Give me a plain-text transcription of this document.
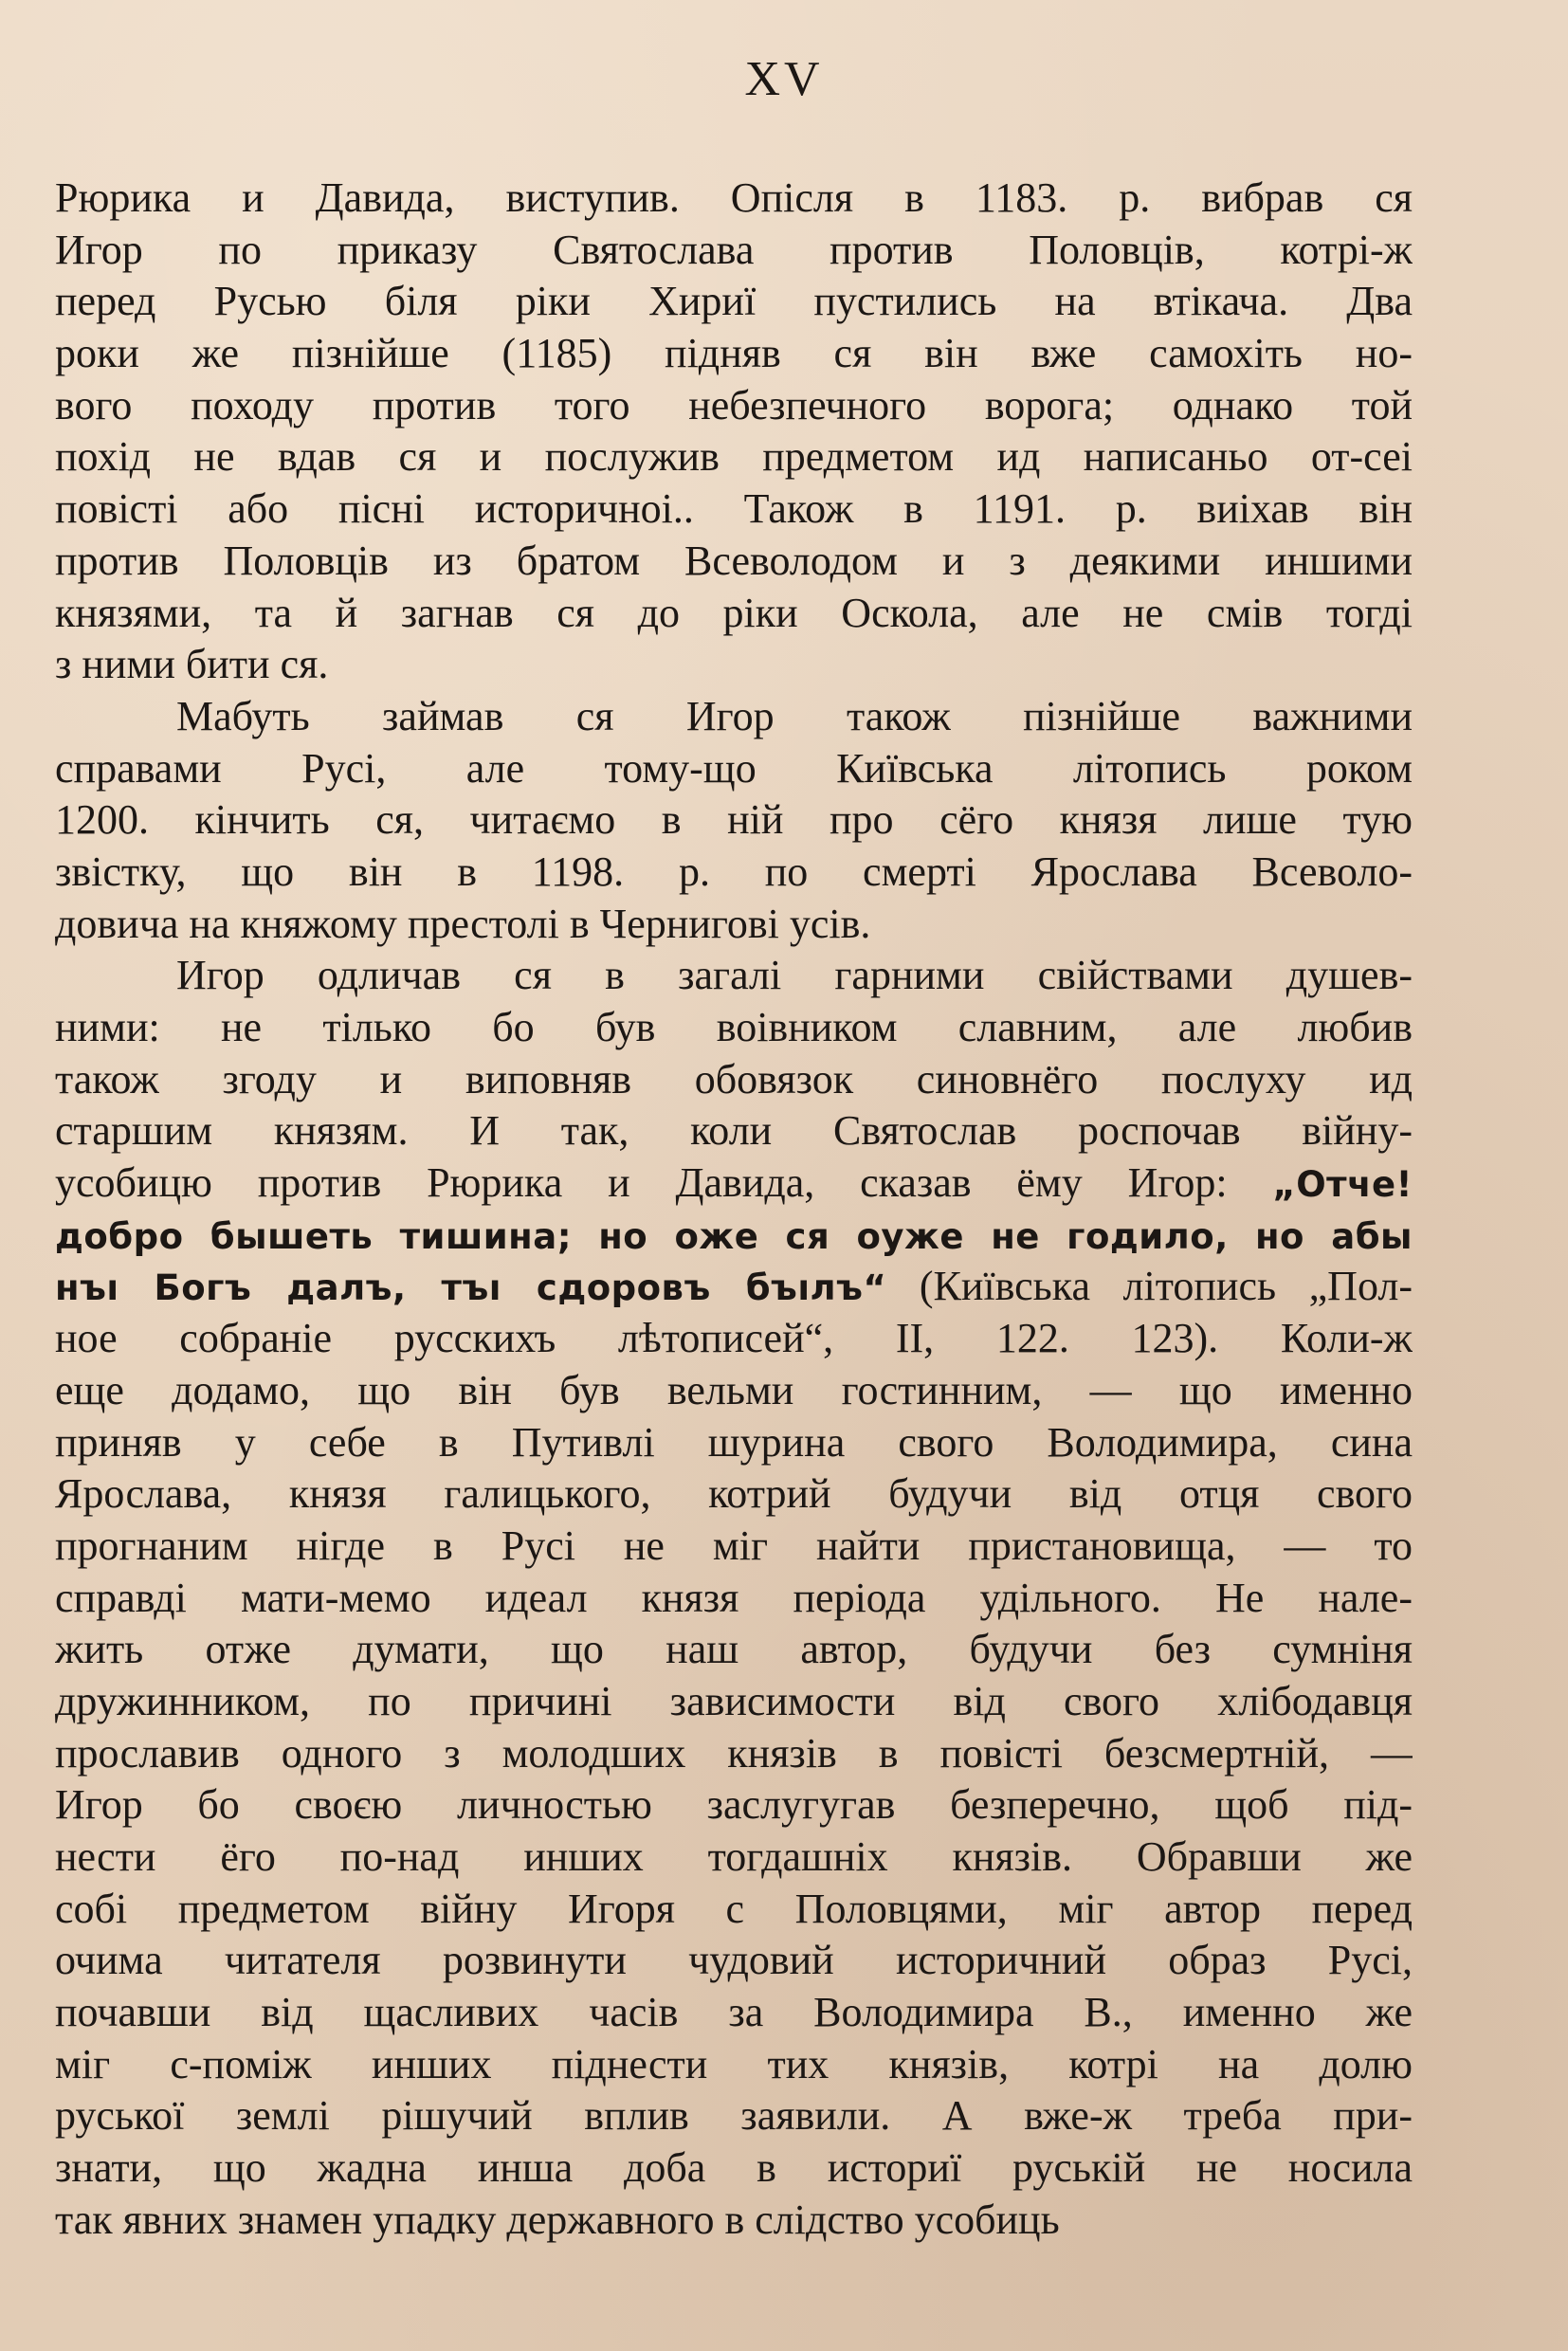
XV
Рюрика и Давида, виступив. Опісля в 1183. р. вибрав ся
Игор по приказу Святослава против Половців, котрі-ж
перед Русью біля ріки Хириї пустились на втікача. Два
роки же пізнійше (1185) підняв ся він вже самохіть но-
вого походу против того небезпечного ворога; однако той
похід не вдав ся и послужив предметом ид написаньо от-сеі
повісті або пісні историчноі.. Також в 1191. р. виіхав він
против Половців из братом Всеволодом и з деякими иншими
князями, та й загнав ся до ріки Оскола, але не смів тогді
з ними бити ся.
Мабуть займав ся Игор також пізнійше важними
справами Русі, але тому-що Київська літопись роком
1200. кінчить ся, читаємо в ній про сёго князя лише тую
звістку, що він в 1198. р. по смерті Ярослава Всеволо-
довича на княжому престолі в Чернигові усів.
Игор одличав ся в загалі гарними свійствами душев-
ними: не тілько бо був воівником славним, але любив
також згоду и виповняв обовязок синовнёго послуху ид
старшим князям. И так, коли Святослав роспочав війну-
усобицю против Рюрика и Давида, сказав ёму Игор: „Отче!
добро бышеть тишина; но оже ся оуже не годило, но абы
нъı Богъ далъ, тъı сдоровъ бъıлъ“ (Київська літопись „Пол-
ное собраніе русскихъ лѣтописей“, II, 122. 123). Коли-ж
еще додамо, що він був вельми гостинним, — що именно
приняв у себе в Путивлі шурина свого Володимира, сина
Ярослава, князя галицького, котрий будучи від отця свого
прогнаним нігде в Русі не міг найти пристановища, — то
справді мати-мемо идеал князя періода удільного. Не нале-
жить отже думати, що наш автор, будучи без сумніня
дружинником, по причині зависимости від свого хлібодавця
прославив одного з молодших князів в повісті безсмертній, —
Игор бо своєю личностью заслугугав безперечно, щоб під-
нести ёго по-над инших тогдашніх князів. Обравши же
собі предметом війну Игоря с Половцями, міг автор перед
очима читателя розвинути чудовий историчний образ Русі,
почавши від щасливих часів за Володимира В., именно же
міг с-поміж инших піднести тих князів, котрі на долю
руської землі рішучий вплив заявили. А вже-ж треба при-
знати, що жадна инша доба в историї руській не носила
так явних знамен упадку державного в слідство усобиць
